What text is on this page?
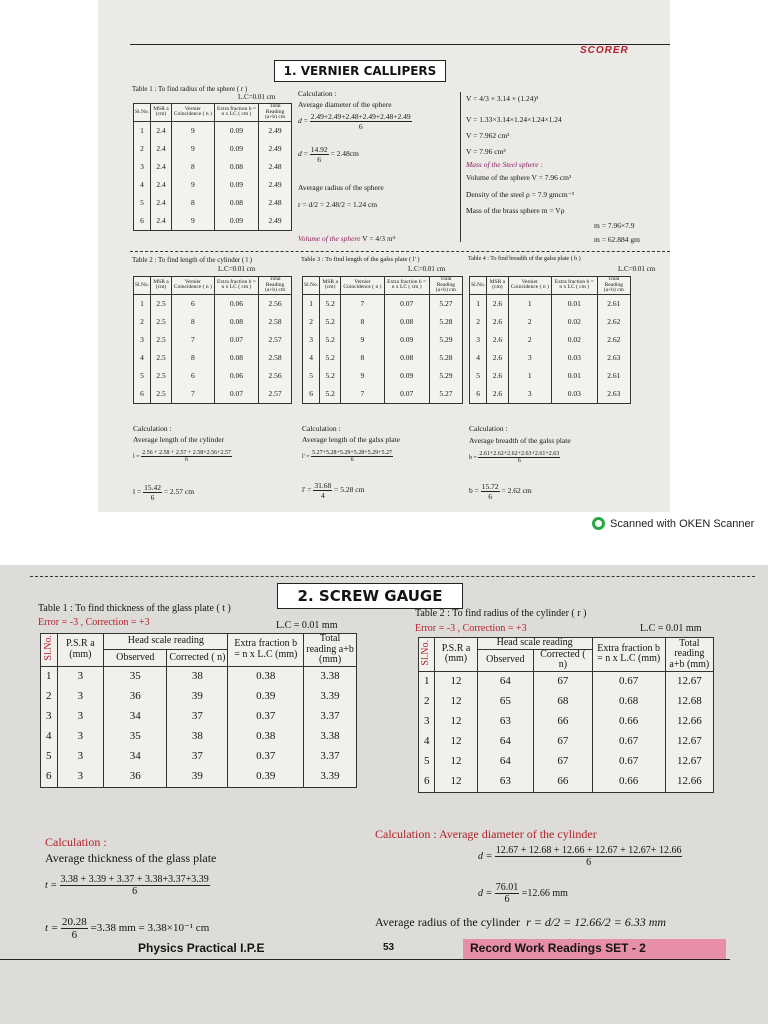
SCORER
1. VERNIER CALLIPERS
Table 1 : To find radius of the sphere ( r )
L.C=0.01 cm
Sl.No.	MSR a (cm)	Vernier Coincidence ( n )	Extra fraction b = n x LC ( cm )	Total Reading (a+b) cm
1	2.4	9	0.09	2.49
2	2.4	9	0.09	2.49
3	2.4	8	0.08	2.48
4	2.4	9	0.09	2.49
5	2.4	8	0.08	2.48
6	2.4	9	0.09	2.49
Calculation :
Average diameter of the sphere
$d = \frac{2.49+2.49+2.48+2.49+2.48+2.49}{6}$
$d = \frac{14.92}{6} = 2.48cm$
Average radius of the sphere
r = d/2 = 2.48/2 = 1.24 cm
Volume of the sphere V = 4/3 πr³
V = 4/3 × 3.14 × (1.24)³
V = 1.33×3.14×1.24×1.24×1.24
V = 7.962 cm³
V = 7.96 cm³
Mass of the Steel sphere :
Volume of the sphere V = 7.96 cm³
Density of the steel ρ = 7.9 gmcm⁻³
Mass of the brass sphere m = Vρ
m = 7.96×7.9
m = 62.884 gm
Table 2 : To find length of the cylinder ( l )
L.C=0.01 cm
Sl.No.	MSR a (cm)	Vernier Coincidence ( n )	Extra fraction b = n x LC ( cm )	Total Reading (a+b) cm
1	2.5	6	0.06	2.56
2	2.5	8	0.08	2.58
3	2.5	7	0.07	2.57
4	2.5	8	0.08	2.58
5	2.5	6	0.06	2.56
6	2.5	7	0.07	2.57
Calculation :
Average length of the cylinder
$l = \frac{2.56 + 2.58 + 2.57 + 2.58+2.56+2.57}{6}$
$l = \frac{15.42}{6} = 2.57$ cm
Table 3 : To find length of the galss plate ( l' )
L.C=0.01 cm
Sl.No.	MSR a (cm)	Vernier Coincidence ( n )	Extra fraction b = n x LC ( cm )	Total Reading (a+b) cm
1	5.2	7	0.07	5.27
2	5.2	8	0.08	5.28
3	5.2	9	0.09	5.29
4	5.2	8	0.08	5.28
5	5.2	9	0.09	5.29
6	5.2	7	0.07	5.27
Calculation :
Average length of the galss plate
$l' = \frac{5.27+5.28+5.29+5.28+5.29+5.27}{6}$
$l' = \frac{31.68}{4} = 5.28$ cm
Table 4 : To find breadth of the galss plate ( b )
L.C=0.01 cm
Sl.No.	MSR a (cm)	Vernier Coincidence ( n )	Extra fraction b = n x LC ( cm )	Total Reading (a+b) cm
1	2.6	1	0.01	2.61
2	2.6	2	0.02	2.62
3	2.6	2	0.02	2.62
4	2.6	3	0.03	2.63
5	2.6	1	0.01	2.61
6	2.6	3	0.03	2.63
Calculation :
Average breadth of the galss plate
$b = \frac{2.61+2.62+2.62+2.63+2.61+2.63}{6}$
$b = \frac{15.72}{6} = 2.62$ cm
Scanned with OKEN Scanner
2. SCREW GAUGE
Table 1 : To find thickness of the glass plate ( t )
Error = -3 , Correction = +3	L.C = 0.01 mm
Sl.No.	P.S.R a (mm)	Head scale reading		Extra fraction b = n x L.C (mm)	Total reading a+b (mm)
		Observed	Corrected ( n)		
1	3	35	38	0.38	3.38
2	3	36	39	0.39	3.39
3	3	34	37	0.37	3.37
4	3	35	38	0.38	3.38
5	3	34	37	0.37	3.37
6	3	36	39	0.39	3.39
Calculation :
Average thickness of the glass plate
$t = \frac{3.38 + 3.39 + 3.37 + 3.38+3.37+3.39}{6}$
$t = \frac{20.28}{6} =3.38$ mm = 3.38×10⁻¹ cm
Table 2 : To find radius of the cylinder ( r )
Error = -3 , Correction = +3	L.C = 0.01 mm
Sl.No.	P.S.R a (mm)	Head scale reading		Extra fraction b = n x L.C (mm)	Total reading a+b (mm)
		Observed	Corrected ( n)		
1	12	64	67	0.67	12.67
2	12	65	68	0.68	12.68
3	12	63	66	0.66	12.66
4	12	64	67	0.67	12.67
5	12	64	67	0.67	12.67
6	12	63	66	0.66	12.66
Calculation : Average diameter of the cylinder
$d = \frac{12.67 + 12.68 + 12.66 + 12.67 + 12.67+ 12.66}{6}$
$d = \frac{76.01}{6} =12.66$ mm
Average radius of the cylinder r = d/2 = 12.66/2 = 6.33 mm
Physics Practical I.P.E	53	Record Work Readings SET - 2
